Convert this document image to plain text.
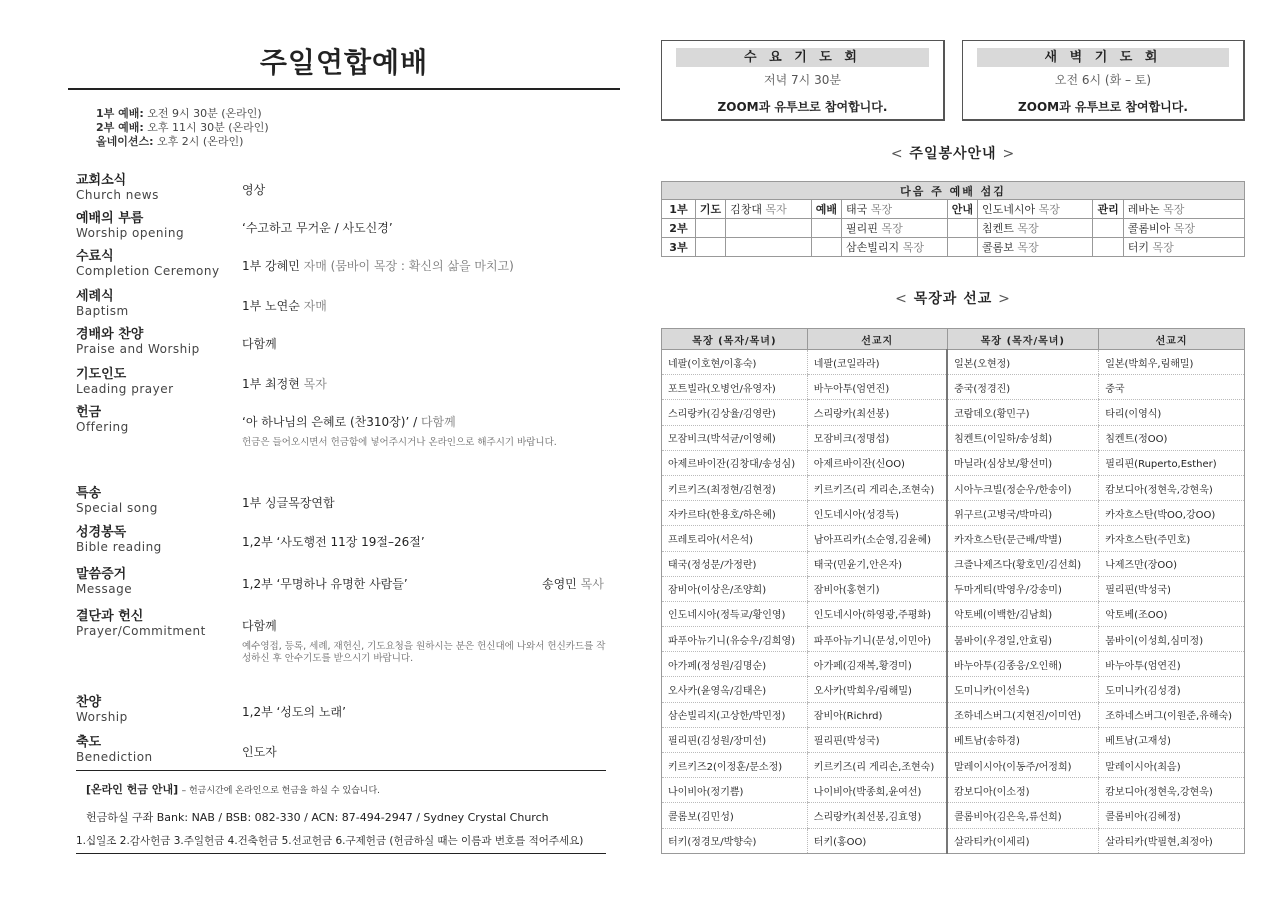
주일연합예배
1부 예배: 오전 9시 30분 (온라인)
2부 예배: 오후 11시 30분 (온라인)
올네이션스: 오후 2시 (온라인)
교회소식
Church news	영상
예배의 부름
Worship opening	‘수고하고 무거운 / 사도신경’
수료식
Completion Ceremony	1부 강혜민 자매 (뭄바이 목장 : 확신의 삶을 마치고)
세례식
Baptism	1부 노연순 자매
경배와 찬양
Praise and Worship	다함께
기도인도
Leading prayer	1부 최정현 목자
헌금
Offering	‘아 하나님의 은혜로 (찬310장)’ / 다함께
헌금은 들어오시면서 헌금함에 넣어주시거나 온라인으로 해주시기 바랍니다.
특송
Special song	1부 싱글목장연합
성경봉독
Bible reading	1,2부 ‘사도행전 11장 19절–26절’
말씀증거
Message	1,2부 ‘무명하나 유명한 사람들’	송영민 목사
결단과 헌신
Prayer/Commitment	다함께
예수영접, 등록, 세례, 재헌신, 기도요청을 원하시는 분은 헌신대에 나와서 헌신카드를 작성하신 후 안수기도를 받으시기 바랍니다.
찬양
Worship	1,2부 ‘성도의 노래’
축도
Benediction	인도자
[온라인 헌금 안내] – 헌금시간에 온라인으로 헌금을 하실 수 있습니다.
헌금하실 구좌 Bank: NAB / BSB: 082-330 / ACN: 87-494-2947 / Sydney Crystal Church
1.십일조 2.감사헌금 3.주일헌금 4.건축헌금 5.선교헌금 6.구제헌금 (헌금하실 때는 이름과 번호를 적어주세요)
수 요 기 도 회
저녁 7시 30분
ZOOM과 유투브로 참여합니다.
새 벽 기 도 회
오전 6시 (화 – 토)
ZOOM과 유투브로 참여합니다.
< 주일봉사안내 >
다음 주 예배 섬김								
1부	기도	김창대 목자	예배	태국 목장	안내	인도네시아 목장	관리	레바논 목장
2부				필리핀 목장		침켄트 목장		콜롬비아 목장
3부				삼손빌리지 목장		콜롬보 목장		터키 목장
< 목장과 선교 >
목장 (목자/목녀)	선교지	목장 (목자/목녀)	선교지
네팔(이호현/이홍숙)	네팔(코일라라)	일본(오현정)	일본(박희우,림해밀)
포트빌라(오병언/유영자)	바누아투(엄연진)	중국(정경진)	중국
스리랑카(김상율/김영란)	스리랑카(최선봉)	코람데오(황민구)	타리(이영식)
모잠비크(박석균/이영혜)	모잠비크(정명섭)	침켄트(이일하/송성희)	침켄트(정OO)
아제르바이잔(김창대/송성심)	아제르바이잔(신OO)	마닐라(심상보/황선미)	필리핀(Ruperto,Esther)
키르키즈(최정현/김현정)	키르키즈(리 게리손,조현숙)	시아누크빌(정순우/한송이)	캄보디아(정현욱,강현욱)
자카르타(한용호/하은혜)	인도네시아(성경득)	위구르(고병국/박마리)	카자흐스탄(박OO,강OO)
프레토리아(서은석)	남아프리카(소순영,김윤혜)	카자흐스탄(문근배/박별)	카자흐스탄(주민호)
태국(정성문/가정란)	태국(민윤기,안은자)	크즐나제즈다(황호민/김선희)	나제즈만(장OO)
잠비아(이상은/조양희)	잠비아(홍현기)	두마게티(박영우/강송미)	필리핀(박성국)
인도네시아(정득교/황인영)	인도네시아(하영광,주평화)	악토베(이백한/김남희)	악토베(조OO)
파푸아뉴기니(유승우/김희영)	파푸아뉴기니(문성,이민아)	뭄바이(우경일,안효림)	뭄바이(이성희,심미정)
아가페(정성원/김명순)	아가페(김재복,황경미)	바누아투(김종응/오인해)	바누아투(엄연진)
오사카(윤영옥/김태은)	오사카(박희우/림해밀)	도미니카(이선욱)	도미니카(김성경)
삼손빌리지(고상한/박민정)	잠비아(Richrd)	조하네스버그(지현진/이미연)	조하네스버그(이원준,유해숙)
필리핀(김성원/장미선)	필리핀(박성국)	베트남(송하경)	베트남(고재성)
키르키즈2(이정훈/문소정)	키르키즈(리 게리손,조현숙)	말레이시아(이동주/어정희)	말레이시아(최음)
나이비아(정기쁨)	나이비아(박종희,윤여선)	캄보디아(이소정)	캄보디아(정현욱,강현욱)
콜롬보(김민성)	스리랑카(최선봉,김효영)	콜롬비아(김은욱,류선희)	콜롬비아(김혜정)
터키(정경모/박향숙)	터키(홍OO)	살라티카(이세리)	살라티카(박필현,최정아)
